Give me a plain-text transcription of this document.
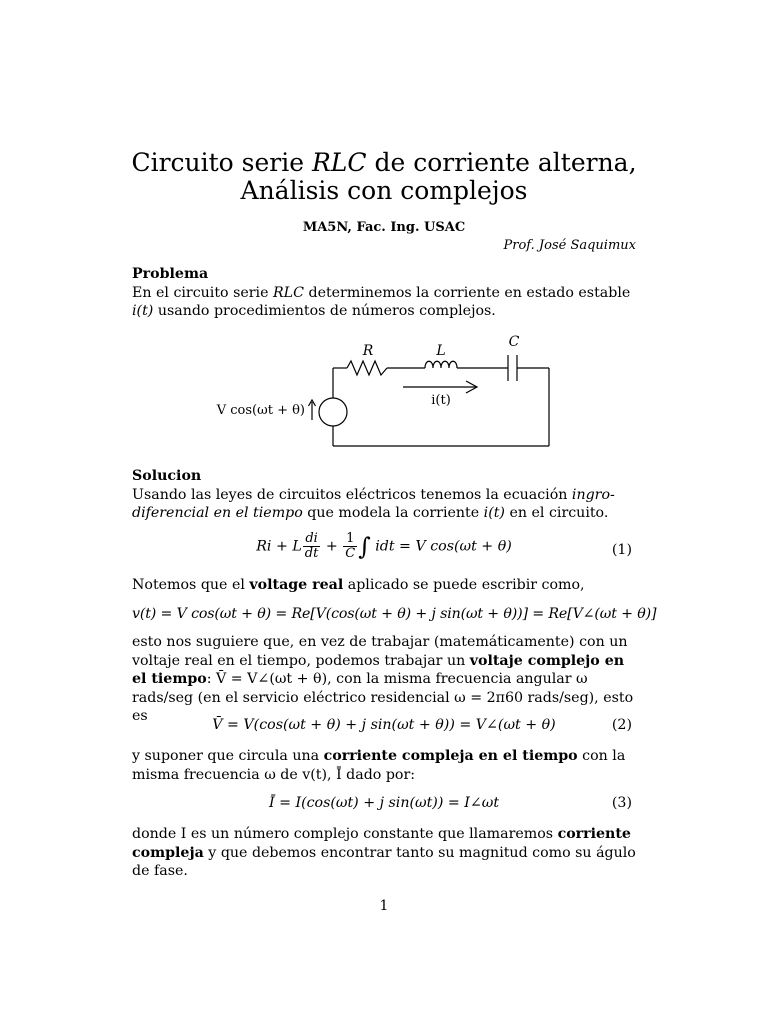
Circuito serie RLC de corriente alterna,
Análisis con complejos
MA5N, Fac. Ing. USAC
Prof. José Saquimux
Problema
En el circuito serie RLC determinemos la corriente en estado estable i(t) usando procedimientos de números complejos.
R	L
C
V cos(ωt + θ)
i(t)
Solucion
Usando las leyes de circuitos eléctricos tenemos la ecuación ingro-diferencial en el tiempo que modela la corriente i(t) en el circuito.
Ri + L $\frac{di}{dt} + \frac{1}{C}$ ∫ idt = V cos(ωt + θ)	(1)
Notemos que el voltage real aplicado se puede escribir como,
v(t) = V cos(ωt + θ) = Re[V(cos(ωt + θ) + j sin(ωt + θ))] = Re[V∠(ωt + θ)]
esto nos suguiere que, en vez de trabajar (matemáticamente) con un voltaje real en el tiempo, podemos trabajar un voltaje complejo en el tiempo: V̄ = V∠(ωt + θ), con la misma frecuencia angular ω rads/seg (en el servicio eléctrico residencial ω = 2π60 rads/seg), esto es
V̄ = V(cos(ωt + θ) + j sin(ωt + θ)) = V∠(ωt + θ)	(2)
y suponer que circula una corriente compleja en el tiempo con la misma frecuencia ω de v(t), Ī dado por:
Ī = I(cos(ωt) + j sin(ωt)) = I∠ωt	(3)
donde I es un número complejo constante que llamaremos corriente compleja y que debemos encontrar tanto su magnitud como su águlo de fase.
1
